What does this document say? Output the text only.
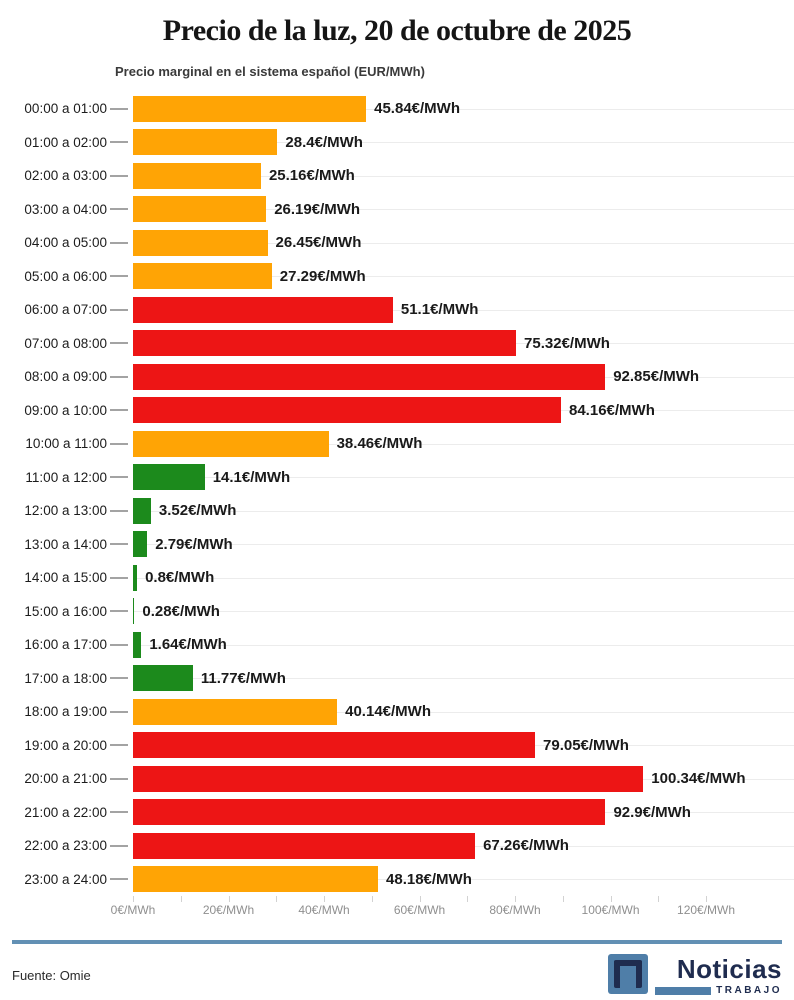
Precio de la luz, 20 de octubre de 2025
Precio marginal en el sistema español (EUR/MWh)
00:00 a 01:00	45.84€/MWh
01:00 a 02:00	28.4€/MWh
02:00 a 03:00	25.16€/MWh
03:00 a 04:00	26.19€/MWh
04:00 a 05:00	26.45€/MWh
05:00 a 06:00	27.29€/MWh
06:00 a 07:00	51.1€/MWh
07:00 a 08:00	75.32€/MWh
08:00 a 09:00	92.85€/MWh
09:00 a 10:00	84.16€/MWh
10:00 a 11:00	38.46€/MWh
11:00 a 12:00	14.1€/MWh
12:00 a 13:00	3.52€/MWh
13:00 a 14:00	2.79€/MWh
14:00 a 15:00	0.8€/MWh
15:00 a 16:00 0.28€/MWh
16:00 a 17:00	1.64€/MWh
17:00 a 18:00	11.77€/MWh
18:00 a 19:00	40.14€/MWh
19:00 a 20:00	79.05€/MWh
20:00 a 21:00	100.34€/MWh
21:00 a 22:00	92.9€/MWh
22:00 a 23:00	67.26€/MWh
23:00 a 24:00	48.18€/MWh
0€/MWh	20€/MWh	40€/MWh	60€/MWh	80€/MWh	100€/MWh	120€/MWh
Fuente: Omie	Noticias
TRABAJO
